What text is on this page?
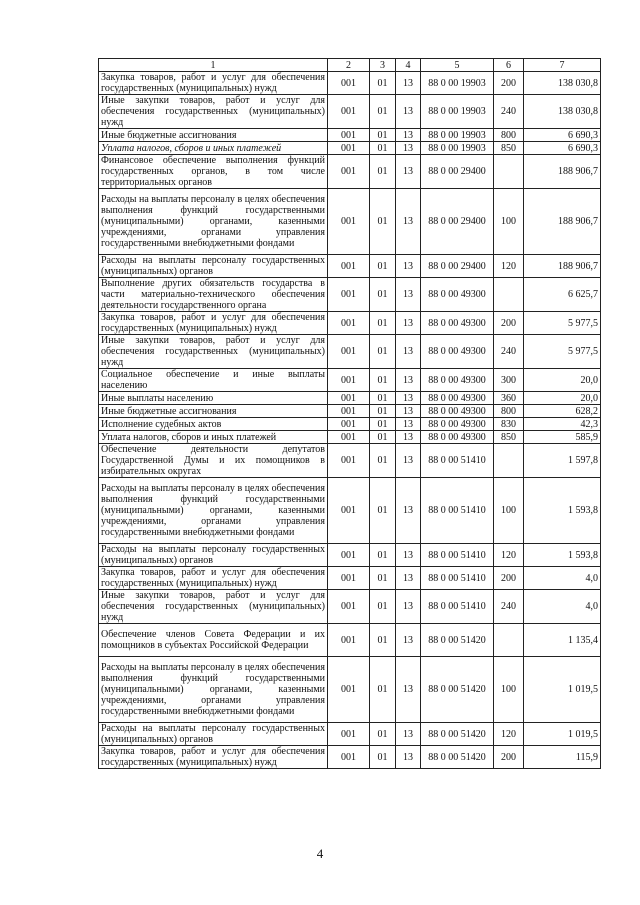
1	2	3	4	5	6	7
Закупка товаров, работ и услуг для обеспечения государственных (муниципальных) нужд	001	01	13	88 0 00 19903	200	138 030,8
Иные закупки товаров, работ и услуг для обеспечения государственных (муниципальных) нужд	001	01	13	88 0 00 19903	240	138 030,8
Иные бюджетные ассигнования	001	01	13	88 0 00 19903	800	6 690,3
Уплата налогов, сборов и иных платежей	001	01	13	88 0 00 19903	850	6 690,3
Финансовое обеспечение выполнения функций государственных органов, в том числе территориальных органов	001	01	13	88 0 00 29400		188 906,7
Расходы на выплаты персоналу в целях обеспечения выполнения функций государственными (муниципальными) органами, казенными учреждениями, органами управления государственными внебюджетными фондами	001	01	13	88 0 00 29400	100	188 906,7
Расходы на выплаты персоналу государственных (муниципальных) органов	001	01	13	88 0 00 29400	120	188 906,7
Выполнение других обязательств государства в части материально-технического обеспечения деятельности государственного органа	001	01	13	88 0 00 49300		6 625,7
Закупка товаров, работ и услуг для обеспечения государственных (муниципальных) нужд	001	01	13	88 0 00 49300	200	5 977,5
Иные закупки товаров, работ и услуг для обеспечения государственных (муниципальных) нужд	001	01	13	88 0 00 49300	240	5 977,5
Социальное обеспечение и иные выплаты населению	001	01	13	88 0 00 49300	300	20,0
Иные выплаты населению	001	01	13	88 0 00 49300	360	20,0
Иные бюджетные ассигнования	001	01	13	88 0 00 49300	800	628,2
Исполнение судебных актов	001	01	13	88 0 00 49300	830	42,3
Уплата налогов, сборов и иных платежей	001	01	13	88 0 00 49300	850	585,9
Обеспечение деятельности депутатов Государственной Думы и их помощников в избирательных округах	001	01	13	88 0 00 51410		1 597,8
Расходы на выплаты персоналу в целях обеспечения выполнения функций государственными (муниципальными) органами, казенными учреждениями, органами управления государственными внебюджетными фондами	001	01	13	88 0 00 51410	100	1 593,8
Расходы на выплаты персоналу государственных (муниципальных) органов	001	01	13	88 0 00 51410	120	1 593,8
Закупка товаров, работ и услуг для обеспечения государственных (муниципальных) нужд	001	01	13	88 0 00 51410	200	4,0
Иные закупки товаров, работ и услуг для обеспечения государственных (муниципальных) нужд	001	01	13	88 0 00 51410	240	4,0
Обеспечение членов Совета Федерации и их помощников в субъектах Российской Федерации	001	01	13	88 0 00 51420		1 135,4
Расходы на выплаты персоналу в целях обеспечения выполнения функций государственными (муниципальными) органами, казенными учреждениями, органами управления государственными внебюджетными фондами	001	01	13	88 0 00 51420	100	1 019,5
Расходы на выплаты персоналу государственных (муниципальных) органов	001	01	13	88 0 00 51420	120	1 019,5
Закупка товаров, работ и услуг для обеспечения государственных (муниципальных) нужд	001	01	13	88 0 00 51420	200	115,9
4
